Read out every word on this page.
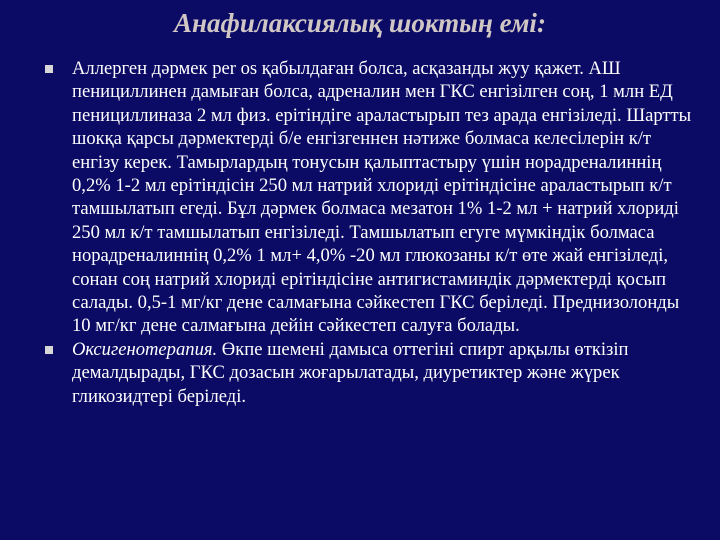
Анафилаксиялық шоктың емі:
Аллерген дәрмек per os қабылдаған болса, асқазанды жуу қажет. АШ пенициллинен дамыған болса, адреналин мен ГКС енгізілген соң, 1 млн ЕД пенициллиназа 2 мл физ. ерітіндіге араластырып тез арада енгізіледі. Шартты шокқа қарсы дәрмектерді б/е енгізгеннен нәтиже болмаса келесілерін к/т енгізу керек. Тамырлардың тонусын қалыптастыру үшін норадреналиннің 0,2% 1-2 мл ерітіндісін 250 мл натрий хлориді ерітіндісіне араластырып к/т тамшылатып егеді. Бұл дәрмек болмаса мезатон 1% 1-2 мл + натрий хлориді 250 мл к/т тамшылатып енгізіледі. Тамшылатып егуге мүмкіндік болмаса норадреналиннің 0,2% 1 мл+ 4,0% -20 мл глюкозаны к/т өте жай енгізіледі, сонан соң натрий хлориді ерітіндісіне антигистаминдік дәрмектерді қосып салады. 0,5-1 мг/кг дене салмағына сәйкестеп ГКС беріледі. Преднизолонды 10 мг/кг дене салмағына дейін сәйкестеп салуға болады.
Оксигенотерапия. Өкпе шемені дамыса оттегіні спирт арқылы өткізіп демалдырады, ГКС дозасын жоғарылатады, диуретиктер және жүрек гликозидтері беріледі.
